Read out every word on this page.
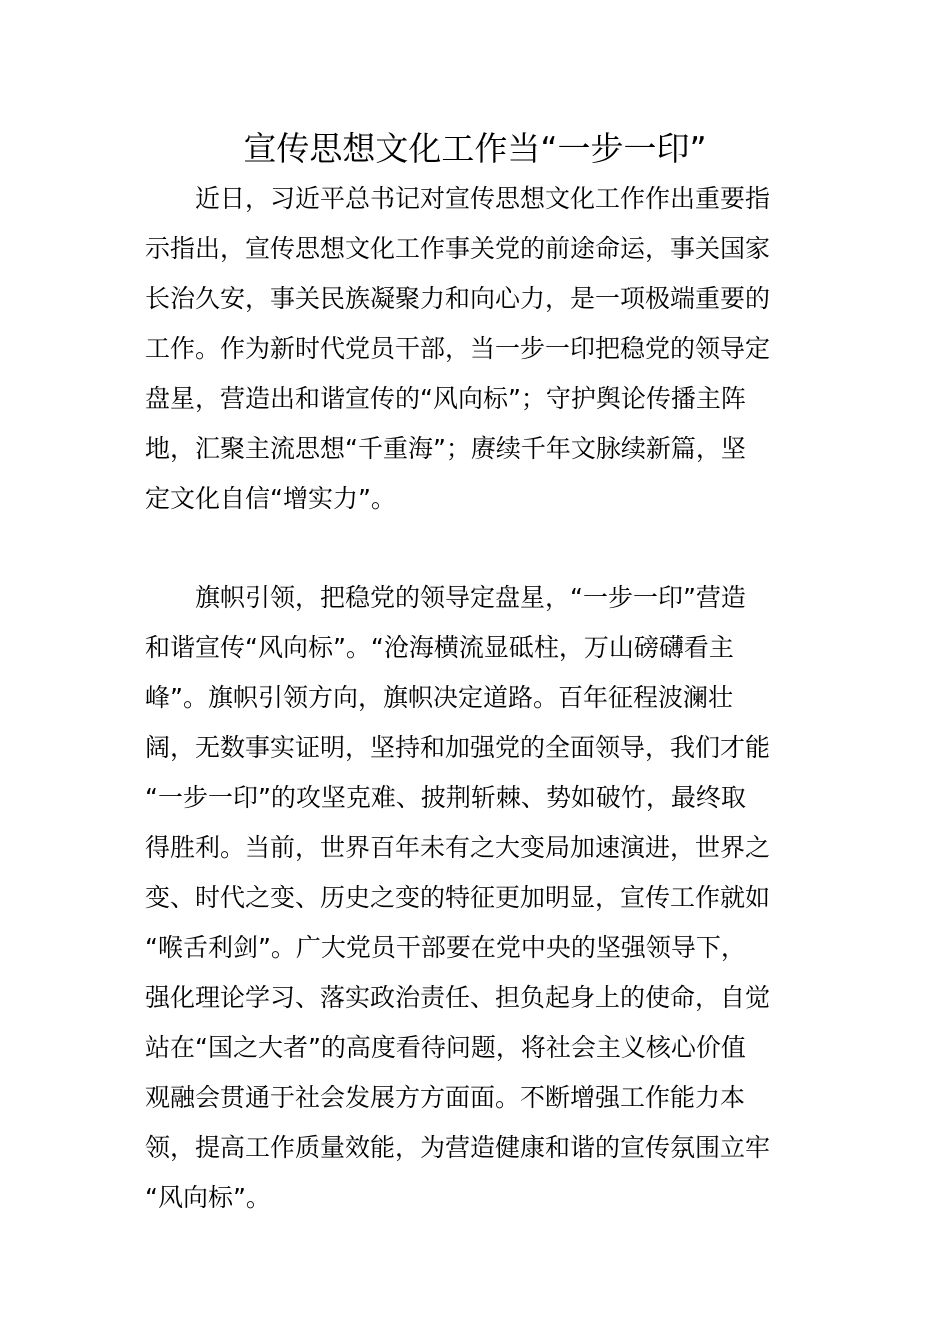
宣传思想文化工作当“一步一印”
近日，习近平总书记对宣传思想文化工作作出重要指
示指出，宣传思想文化工作事关党的前途命运，事关国家
长治久安，事关民族凝聚力和向心力，是一项极端重要的
工作。作为新时代党员干部，当一步一印把稳党的领导定
盘星，营造出和谐宣传的“风向标”；守护舆论传播主阵
地，汇聚主流思想“千重海”；赓续千年文脉续新篇，坚
定文化自信“增实力”。
旗帜引领，把稳党的领导定盘星，“一步一印”营造
和谐宣传“风向标”。“沧海横流显砥柱，万山磅礴看主
峰”。旗帜引领方向，旗帜决定道路。百年征程波澜壮
阔，无数事实证明，坚持和加强党的全面领导，我们才能
“一步一印”的攻坚克难、披荆斩棘、势如破竹，最终取
得胜利。当前，世界百年未有之大变局加速演进，世界之
变、时代之变、历史之变的特征更加明显，宣传工作就如
“喉舌利剑”。广大党员干部要在党中央的坚强领导下，
强化理论学习、落实政治责任、担负起身上的使命，自觉
站在“国之大者”的高度看待问题，将社会主义核心价值
观融会贯通于社会发展方方面面。不断增强工作能力本
领，提高工作质量效能，为营造健康和谐的宣传氛围立牢
“风向标”。
